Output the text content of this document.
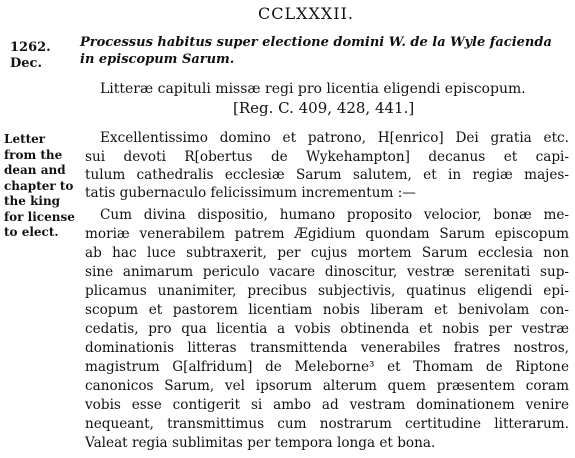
CCLXXXII.
1262.
Dec.
Processus habitus super electione domini W. de la Wyle facienda in episcopum Sarum.
Litteræ capituli missæ regi pro licentia eligendi episcopum.
[Reg. C. 409, 428, 441.]
Letter
from the
dean and
chapter to
the king
for license
to elect.
Excellentissimo domino et patrono, H[enrico] Dei gratia etc.
sui devoti R[obertus de Wykehampton] decanus et capi-
tulum cathedralis ecclesiæ Sarum salutem, et in regiæ majes-
tatis gubernaculo felicissimum incrementum :—
Cum divina dispositio, humano proposito velocior, bonæ me-
moriæ venerabilem patrem Ægidium quondam Sarum episcopum
ab hac luce subtraxerit, per cujus mortem Sarum ecclesia non
sine animarum periculo vacare dinoscitur, vestræ serenitati sup-
plicamus unanimiter, precibus subjectivis, quatinus eligendi epi-
scopum et pastorem licentiam nobis liberam et benivolam con-
cedatis, pro qua licentia a vobis obtinenda et nobis per vestræ
dominationis litteras transmittenda venerabiles fratres nostros,
magistrum G[alfridum] de Meleborne³ et Thomam de Riptone
canonicos Sarum, vel ipsorum alterum quem præsentem coram
vobis esse contigerit si ambo ad vestram dominationem venire
nequeant, transmittimus cum nostrarum certitudine litterarum.
Valeat regia sublimitas per tempora longa et bona.
